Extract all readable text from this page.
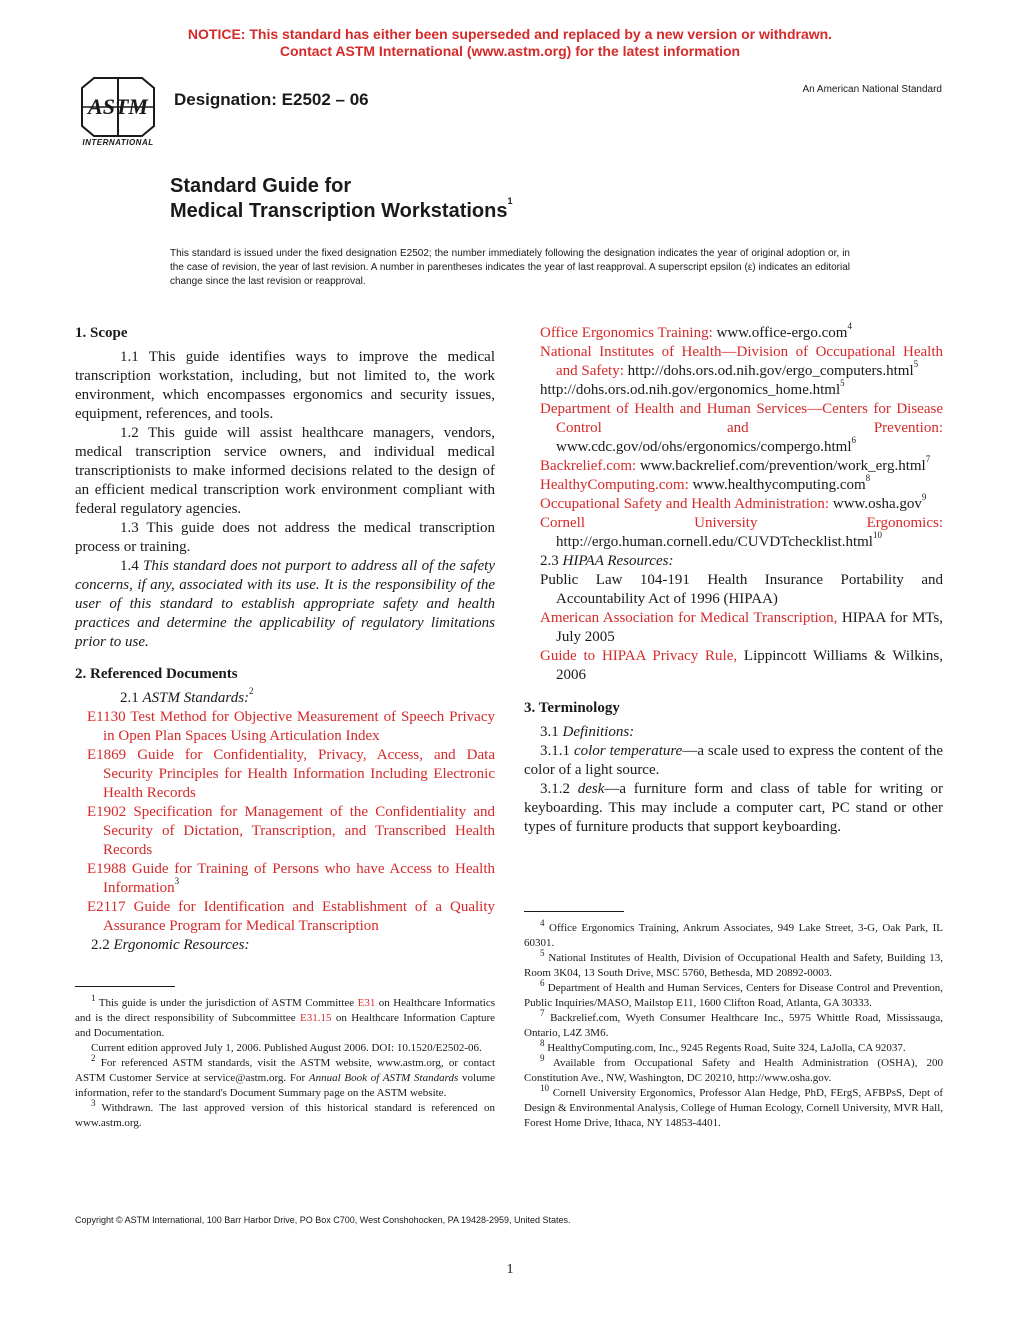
NOTICE: This standard has either been superseded and replaced by a new version or withdrawn.
Contact ASTM International (www.astm.org) for the latest information
ASTM
INTERNATIONAL
Designation: E2502 – 06
An American National Standard
Standard Guide for
Medical Transcription Workstations$^1$
This standard is issued under the fixed designation E2502; the number immediately following the designation indicates the year of original adoption or, in the case of revision, the year of last revision. A number in parentheses indicates the year of last reapproval. A superscript epsilon (ε) indicates an editorial change since the last revision or reapproval.
1. Scope

1.1 This guide identifies ways to improve the medical transcription workstation, including, but not limited to, the work environment, which encompasses ergonomics and security issues, equipment, references, and tools.

1.2 This guide will assist healthcare managers, vendors, medical transcription service owners, and individual medical transcriptionists to make informed decisions related to the design of an efficient medical transcription work environment compliant with federal regulatory agencies.

1.3 This guide does not address the medical transcription process or training.

1.4 This standard does not purport to address all of the safety concerns, if any, associated with its use. It is the responsibility of the user of this standard to establish appropriate safety and health practices and determine the applicability of regulatory limitations prior to use.

2. Referenced Documents

2.1 ASTM Standards:$^2$

E1130 Test Method for Objective Measurement of Speech Privacy in Open Plan Spaces Using Articulation Index

E1869 Guide for Confidentiality, Privacy, Access, and Data Security Principles for Health Information Including Electronic Health Records

E1902 Specification for Management of the Confidentiality and Security of Dictation, Transcription, and Transcribed Health Records

E1988 Guide for Training of Persons who have Access to Health Information$^3$

E2117 Guide for Identification and Establishment of a Quality Assurance Program for Medical Transcription

2.2 Ergonomic Resources:

$^1$ This guide is under the jurisdiction of ASTM Committee E31 on Healthcare Informatics and is the direct responsibility of Subcommittee E31.15 on Healthcare Information Capture and Documentation.

Current edition approved July 1, 2006. Published August 2006. DOI: 10.1520/E2502-06.

$^2$ For referenced ASTM standards, visit the ASTM website, www.astm.org, or contact ASTM Customer Service at service@astm.org. For Annual Book of ASTM Standards volume information, refer to the standard's Document Summary page on the ASTM website.

$^3$ Withdrawn. The last approved version of this historical standard is referenced on www.astm.org.

Office Ergonomics Training: www.office-ergo.com$^4$

National Institutes of Health—Division of Occupational Health and Safety: http://dohs.ors.od.nih.gov/ergo_computers.html$^5$

http://dohs.ors.od.nih.gov/ergonomics_home.html$^5$

Department of Health and Human Services—Centers for Disease Control and Prevention: www.cdc.gov/od/ohs/ergonomics/compergo.html$^6$

Backrelief.com: www.backrelief.com/prevention/work_erg.html$^7$

HealthyComputing.com: www.healthycomputing.com$^8$

Occupational Safety and Health Administration: www.osha.gov$^9$

Cornell University Ergonomics: http://ergo.human.cornell.edu/CUVDTchecklist.html$^{10}$

2.3 HIPAA Resources:

Public Law 104-191 Health Insurance Portability and Accountability Act of 1996 (HIPAA)

American Association for Medical Transcription, HIPAA for MTs, July 2005

Guide to HIPAA Privacy Rule, Lippincott Williams & Wilkins, 2006

3. Terminology

3.1 Definitions:

3.1.1 color temperature—a scale used to express the content of the color of a light source.

3.1.2 desk—a furniture form and class of table for writing or keyboarding. This may include a computer cart, PC stand or other types of furniture products that support keyboarding.

$^4$ Office Ergonomics Training, Ankrum Associates, 949 Lake Street, 3-G, Oak Park, IL 60301.

$^5$ National Institutes of Health, Division of Occupational Health and Safety, Building 13, Room 3K04, 13 South Drive, MSC 5760, Bethesda, MD 20892-0003.

$^6$ Department of Health and Human Services, Centers for Disease Control and Prevention, Public Inquiries/MASO, Mailstop E11, 1600 Clifton Road, Atlanta, GA 30333.

$^7$ Backrelief.com, Wyeth Consumer Healthcare Inc., 5975 Whittle Road, Mississauga, Ontario, L4Z 3M6.

$^8$ HealthyComputing.com, Inc., 9245 Regents Road, Suite 324, LaJolla, CA 92037.

$^9$ Available from Occupational Safety and Health Administration (OSHA), 200 Constitution Ave., NW, Washington, DC 20210, http://www.osha.gov.

$^{10}$ Cornell University Ergonomics, Professor Alan Hedge, PhD, FErgS, AFBPsS, Dept of Design & Environmental Analysis, College of Human Ecology, Cornell University, MVR Hall, Forest Home Drive, Ithaca, NY 14853-4401.

Copyright © ASTM International, 100 Barr Harbor Drive, PO Box C700, West Conshohocken, PA 19428-2959, United States.
1
